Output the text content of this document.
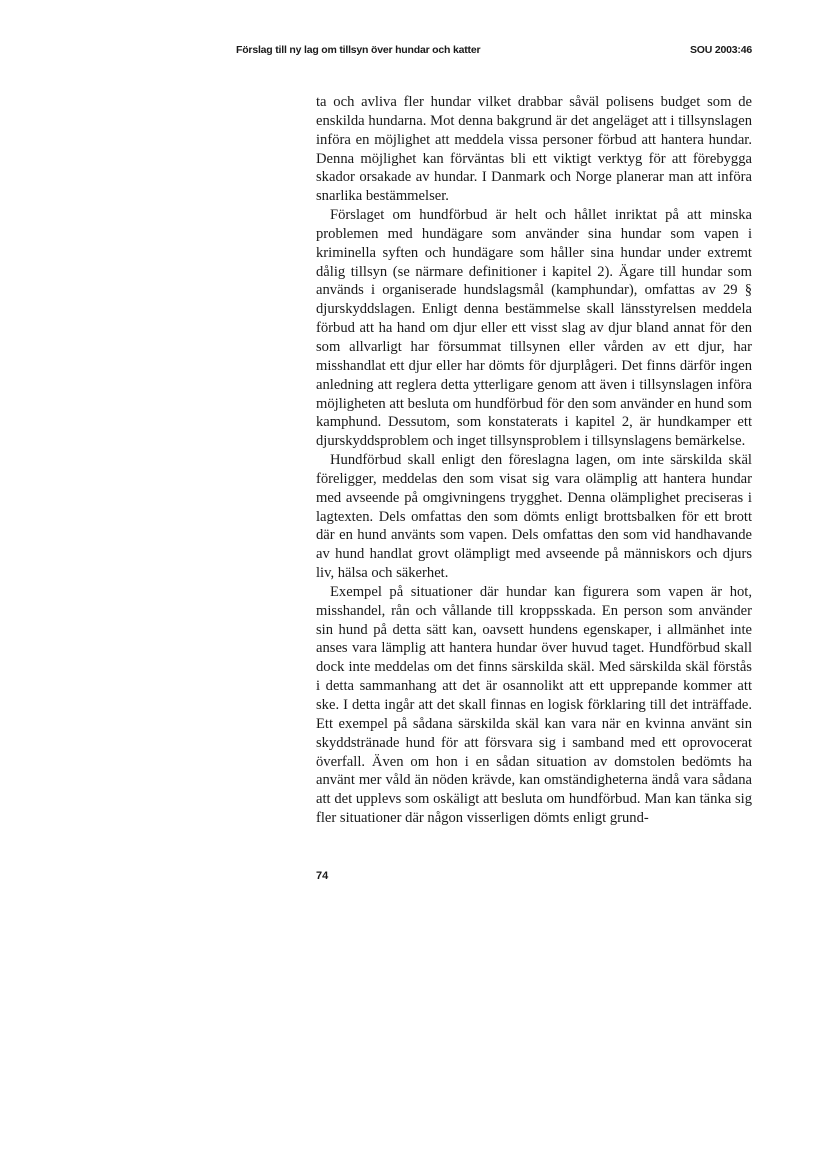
Förslag till ny lag om tillsyn över hundar och katter	SOU 2003:46

ta och avliva fler hundar vilket drabbar såväl polisens budget som de enskilda hundarna. Mot denna bakgrund är det angeläget att i tillsynslagen införa en möjlighet att meddela vissa personer förbud att hantera hundar. Denna möjlighet kan förväntas bli ett viktigt verktyg för att förebygga skador orsakade av hundar. I Danmark och Norge planerar man att införa snarlika bestämmelser.

Förslaget om hundförbud är helt och hållet inriktat på att minska problemen med hundägare som använder sina hundar som vapen i kriminella syften och hundägare som håller sina hundar under extremt dålig tillsyn (se närmare definitioner i kapitel 2). Ägare till hundar som används i organiserade hundslagsmål (kamphundar), omfattas av 29 § djurskyddslagen. Enligt denna bestämmelse skall länsstyrelsen meddela förbud att ha hand om djur eller ett visst slag av djur bland annat för den som allvarligt har försummat tillsynen eller vården av ett djur, har misshandlat ett djur eller har dömts för djurplågeri. Det finns därför ingen anledning att reglera detta ytterligare genom att även i tillsynslagen införa möjligheten att besluta om hundförbud för den som använder en hund som kamphund. Dessutom, som konstaterats i kapitel 2, är hundkamper ett djurskyddsproblem och inget tillsynsproblem i tillsynslagens bemärkelse.

Hundförbud skall enligt den föreslagna lagen, om inte särskilda skäl föreligger, meddelas den som visat sig vara olämplig att hantera hundar med avseende på omgivningens trygghet. Denna olämplighet preciseras i lagtexten. Dels omfattas den som dömts enligt brottsbalken för ett brott där en hund använts som vapen. Dels omfattas den som vid handhavande av hund handlat grovt olämpligt med avseende på människors och djurs liv, hälsa och säkerhet.

Exempel på situationer där hundar kan figurera som vapen är hot, misshandel, rån och vållande till kroppsskada. En person som använder sin hund på detta sätt kan, oavsett hundens egenskaper, i allmänhet inte anses vara lämplig att hantera hundar över huvud taget. Hundförbud skall dock inte meddelas om det finns särskilda skäl. Med särskilda skäl förstås i detta sammanhang att det är osannolikt att ett upprepande kommer att ske. I detta ingår att det skall finnas en logisk förklaring till det inträffade. Ett exempel på sådana särskilda skäl kan vara när en kvinna använt sin skyddstränade hund för att försvara sig i samband med ett oprovocerat överfall. Även om hon i en sådan situation av domstolen bedömts ha använt mer våld än nöden krävde, kan omständigheterna ändå vara sådana att det upplevs som oskäligt att besluta om hundförbud. Man kan tänka sig fler situationer där någon visserligen dömts enligt grund-

74
